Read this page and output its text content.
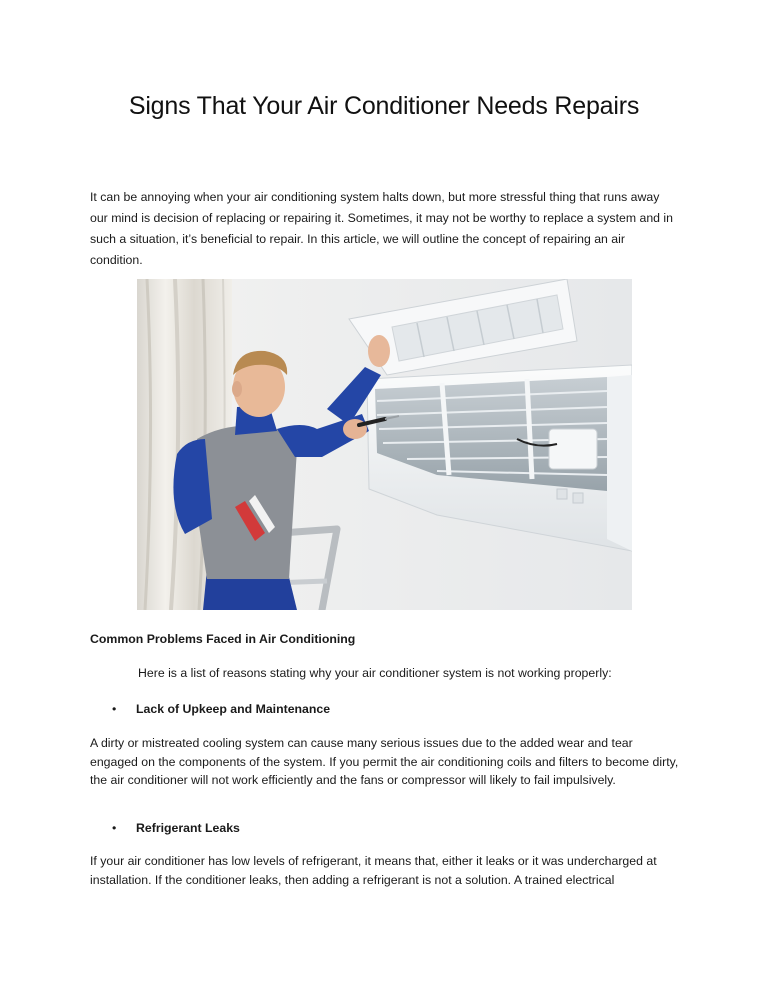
Signs That Your Air Conditioner Needs Repairs

It can be annoying when your air conditioning system halts down, but more stressful thing that runs away our mind is decision of replacing or repairing it. Sometimes, it may not be worthy to replace a system and in such a situation, it’s beneficial to repair. In this article, we will outline the concept of repairing an air condition.

Common Problems Faced in Air Conditioning

Here is a list of reasons stating why your air conditioner system is not working properly:

• Lack of Upkeep and Maintenance

A dirty or mistreated cooling system can cause many serious issues due to the added wear and tear engaged on the components of the system. If you permit the air conditioning coils and filters to become dirty, the air conditioner will not work efficiently and the fans or compressor will likely to fail impulsively.

• Refrigerant Leaks

If your air conditioner has low levels of refrigerant, it means that, either it leaks or it was undercharged at installation. If the conditioner leaks, then adding a refrigerant is not a solution. A trained electrical
